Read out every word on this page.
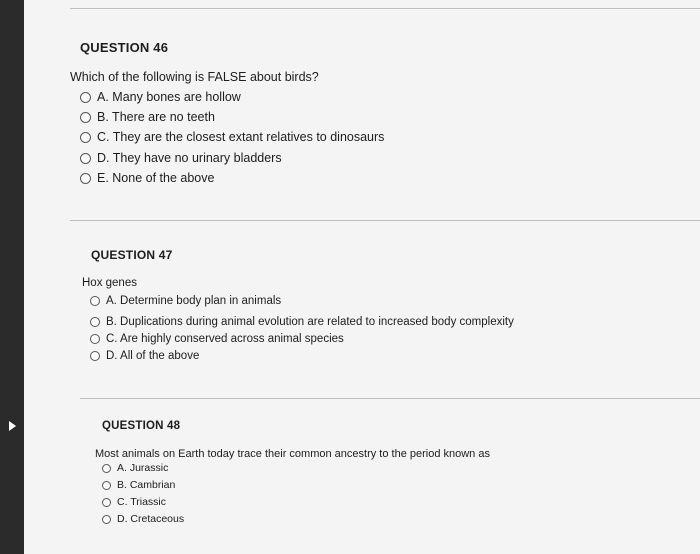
QUESTION 46
Which of the following is FALSE about birds?
A. Many bones are hollow
B. There are no teeth
C. They are the closest extant relatives to dinosaurs
D. They have no urinary bladders
E. None of the above
QUESTION 47
Hox genes
A. Determine body plan in animals
B. Duplications during animal evolution are related to increased body complexity
C. Are highly conserved across animal species
D. All of the above
QUESTION 48
Most animals on Earth today trace their common ancestry to the period known as
A. Jurassic
B. Cambrian
C. Triassic
D. Cretaceous
